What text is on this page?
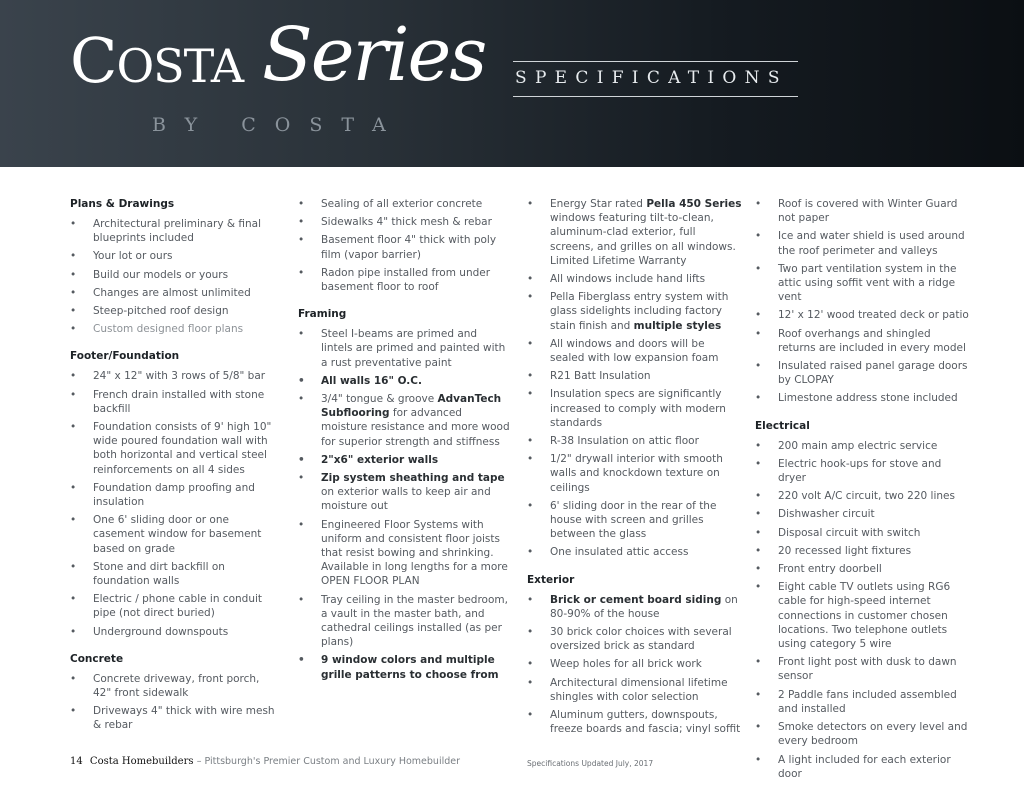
COSTA Series
BY COSTA
SPECIFICATIONS
Plans & Drawings
• Architectural preliminary & final blueprints included
• Your lot or ours
• Build our models or yours
• Changes are almost unlimited
• Steep-pitched roof design
• Custom designed floor plans
Footer/Foundation
• 24" x 12" with 3 rows of 5/8" bar
• French drain installed with stone backfill
• Foundation consists of 9' high 10" wide poured foundation wall with both horizontal and vertical steel reinforcements on all 4 sides
• Foundation damp proofing and insulation
• One 6' sliding door or one casement window for basement based on grade
• Stone and dirt backfill on foundation walls
• Electric / phone cable in conduit pipe (not direct buried)
• Underground downspouts
Concrete
• Concrete driveway, front porch, 42" front sidewalk
• Driveways 4" thick with wire mesh & rebar
• Sealing of all exterior concrete
• Sidewalks 4" thick mesh & rebar
• Basement floor 4" thick with poly film (vapor barrier)
• Radon pipe installed from under basement floor to roof
Framing
• Steel I-beams are primed and lintels are primed and painted with a rust preventative paint
• All walls 16" O.C.
• 3/4" tongue & groove AdvanTech Subflooring for advanced moisture resistance and more wood for superior strength and stiffness
• 2"x6" exterior walls
• Zip system sheathing and tape on exterior walls to keep air and moisture out
• Engineered Floor Systems with uniform and consistent floor joists that resist bowing and shrinking. Available in long lengths for a more OPEN FLOOR PLAN
• Tray ceiling in the master bedroom, a vault in the master bath, and cathedral ceilings installed (as per plans)
• 9 window colors and multiple grille patterns to choose from
• Energy Star rated Pella 450 Series windows featuring tilt-to-clean, aluminum-clad exterior, full screens, and grilles on all windows. Limited Lifetime Warranty
• All windows include hand lifts
• Pella Fiberglass entry system with glass sidelights including factory stain finish and multiple styles
• All windows and doors will be sealed with low expansion foam
• R21 Batt Insulation
• Insulation specs are significantly increased to comply with modern standards
• R-38 Insulation on attic floor
• 1/2" drywall interior with smooth walls and knockdown texture on ceilings
• 6' sliding door in the rear of the house with screen and grilles between the glass
• One insulated attic access
Exterior
• Brick or cement board siding on 80-90% of the house
• 30 brick color choices with several oversized brick as standard
• Weep holes for all brick work
• Architectural dimensional lifetime shingles with color selection
• Aluminum gutters, downspouts, freeze boards and fascia; vinyl soffit
• Roof is covered with Winter Guard not paper
• Ice and water shield is used around the roof perimeter and valleys
• Two part ventilation system in the attic using soffit vent with a ridge vent
• 12' x 12' wood treated deck or patio
• Roof overhangs and shingled returns are included in every model
• Insulated raised panel garage doors by CLOPAY
• Limestone address stone included
Electrical
• 200 main amp electric service
• Electric hook-ups for stove and dryer
• 220 volt A/C circuit, two 220 lines
• Dishwasher circuit
• Disposal circuit with switch
• 20 recessed light fixtures
• Front entry doorbell
• Eight cable TV outlets using RG6 cable for high-speed internet connections in customer chosen locations. Two telephone outlets using category 5 wire
• Front light post with dusk to dawn sensor
• 2 Paddle fans included assembled and installed
• Smoke detectors on every level and every bedroom
• A light included for each exterior door
14 Costa Homebuilders – Pittsburgh's Premier Custom and Luxury Homebuilder	Specifications Updated July, 2017
